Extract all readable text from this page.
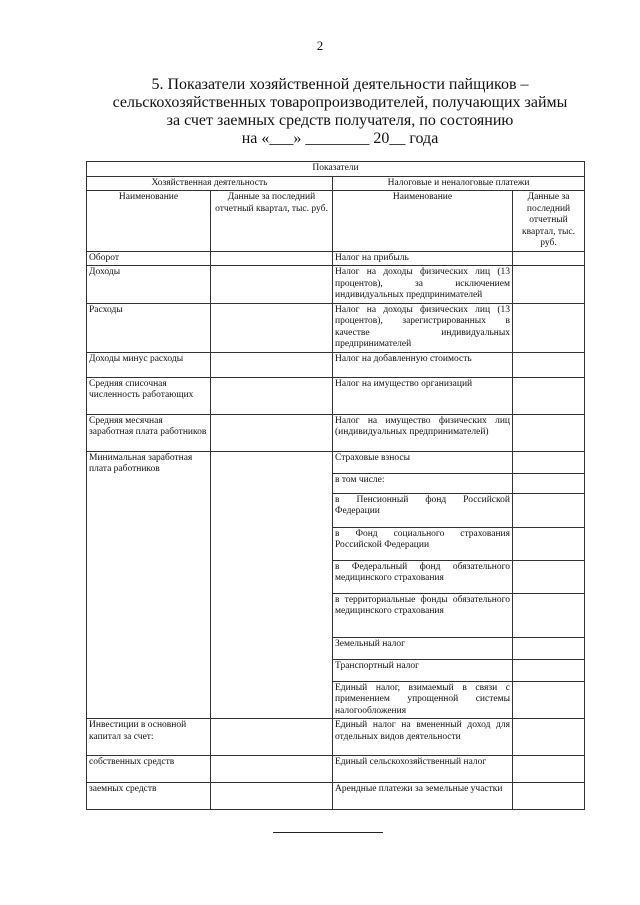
2
5. Показатели хозяйственной деятельности пайщиков –
сельскохозяйственных товаропроизводителей, получающих займы
за счет заемных средств получателя, по состоянию
на «___» ________ 20__ года
Показатели			
Хозяйственная деятельность		Налоговые и неналоговые платежи	
Наименование	Данные за последний отчетный квартал, тыс. руб.	Наименование	Данные за последний отчетный квартал, тыс. руб.
Оборот		Налог на прибыль	
Доходы		Налог на доходы физических лиц (13 процентов), за исключением индивидуальных предпринимателей	
Расходы		Налог на доходы физических лиц (13 процентов), зарегистрированных в качестве индивидуальных предпринимателей	
Доходы минус расходы		Налог на добавленную стоимость	
Средняя списочная численность работающих		Налог на имущество организаций	
Средняя месячная заработная плата работников		Налог на имущество физических лиц (индивидуальных предпринимателей)	
Минимальная заработная плата работников		Страховые взносы	
		в том числе:	
		в Пенсионный фонд Российской Федерации	
		в Фонд социального страхования Российской Федерации	
		в Федеральный фонд обязательного медицинского страхования	
		в территориальные фонды обязательного медицинского страхования	
		Земельный налог	
		Транспортный налог	
		Единый налог, взимаемый в связи с применением упрощенной системы налогообложения	

Инвестиции в основной капитал за счет:		Единый налог на вмененный доход для отдельных видов деятельности	
собственных средств		Единый сельскохозяйственный налог	
заемных средств		Арендные платежи за земельные участки	
